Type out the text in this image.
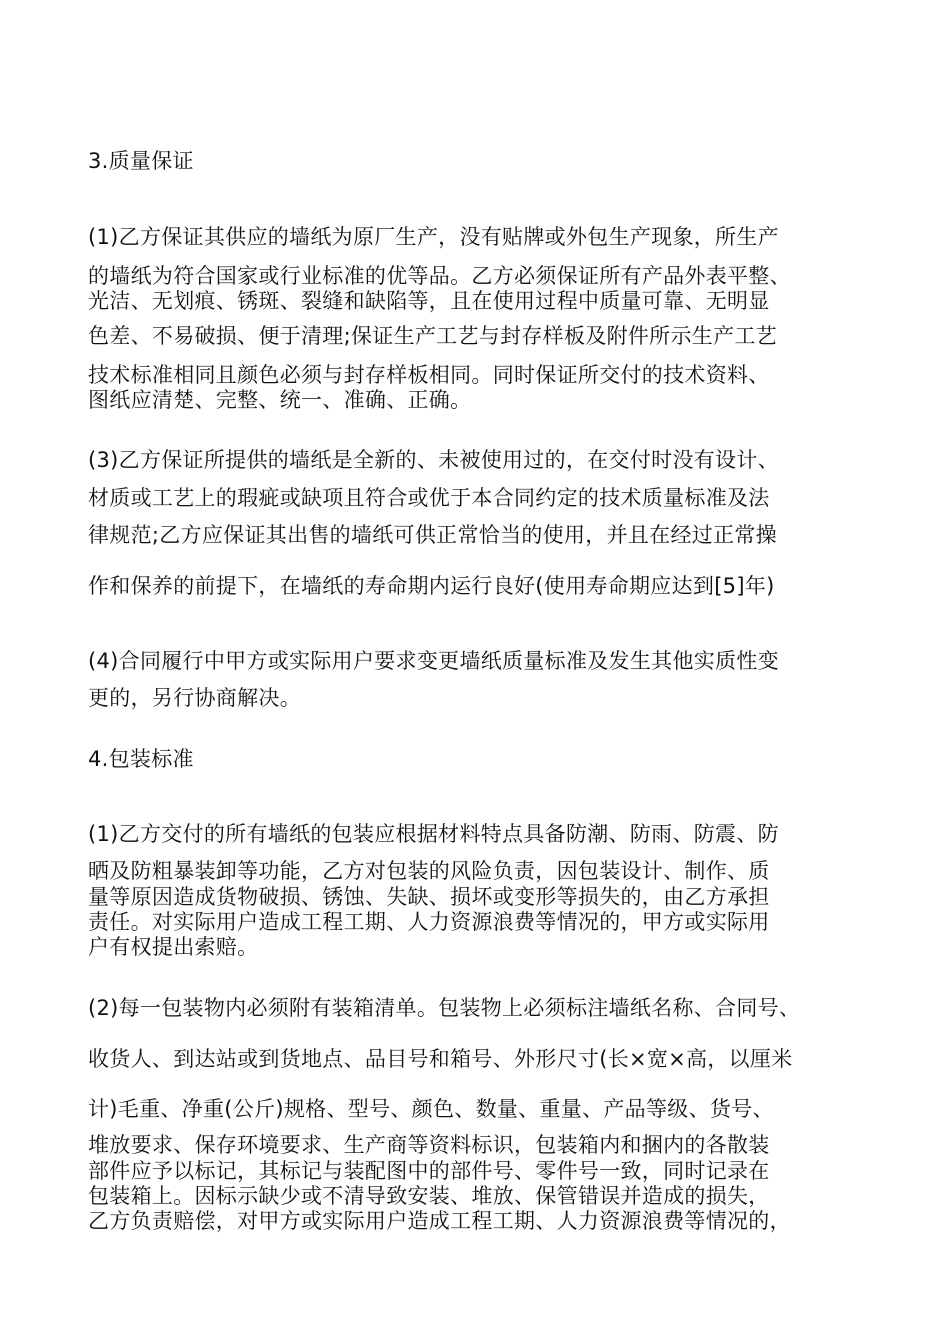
3.质量保证
(1)乙方保证其供应的墙纸为原厂生产，没有贴牌或外包生产现象，所生产
的墙纸为符合国家或行业标准的优等品。乙方必须保证所有产品外表平整、
光洁、无划痕、锈斑、裂缝和缺陷等，且在使用过程中质量可靠、无明显
色差、不易破损、便于清理;保证生产工艺与封存样板及附件所示生产工艺
技术标准相同且颜色必须与封存样板相同。同时保证所交付的技术资料、
图纸应清楚、完整、统一、准确、正确。
(3)乙方保证所提供的墙纸是全新的、未被使用过的，在交付时没有设计、
材质或工艺上的瑕疵或缺项且符合或优于本合同约定的技术质量标准及法
律规范;乙方应保证其出售的墙纸可供正常恰当的使用，并且在经过正常操
作和保养的前提下，在墙纸的寿命期内运行良好(使用寿命期应达到[5]年)
(4)合同履行中甲方或实际用户要求变更墙纸质量标准及发生其他实质性变
更的，另行协商解决。
4.包装标准
(1)乙方交付的所有墙纸的包装应根据材料特点具备防潮、防雨、防震、防
晒及防粗暴装卸等功能，乙方对包装的风险负责，因包装设计、制作、质
量等原因造成货物破损、锈蚀、失缺、损坏或变形等损失的，由乙方承担
责任。对实际用户造成工程工期、人力资源浪费等情况的，甲方或实际用
户有权提出索赔。
(2)每一包装物内必须附有装箱清单。包装物上必须标注墙纸名称、合同号、
收货人、到达站或到货地点、品目号和箱号、外形尺寸(长×宽×高，以厘米
计)毛重、净重(公斤)规格、型号、颜色、数量、重量、产品等级、货号、
堆放要求、保存环境要求、生产商等资料标识，包装箱内和捆内的各散装
部件应予以标记，其标记与装配图中的部件号、零件号一致，同时记录在
包装箱上。因标示缺少或不清导致安装、堆放、保管错误并造成的损失，
乙方负责赔偿，对甲方或实际用户造成工程工期、人力资源浪费等情况的，
